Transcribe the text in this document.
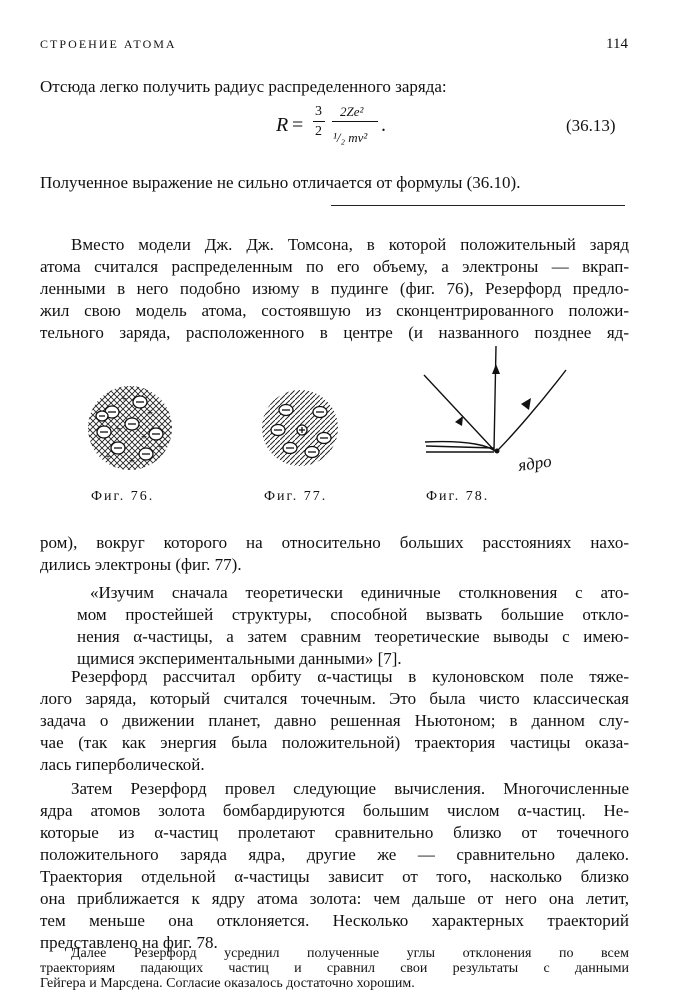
СТРОЕНИЕ АТОМА	114
Отсюда легко получить радиус распределенного заряда:
R =
3
2
2Ze²
¹/₂ mv²
.	(36.13)
Полученное выражение не сильно отличается от формулы (36.10).
Вместо модели Дж. Дж. Томсона, в которой положительный заряд
атома считался распределенным по его объему, а электроны — вкрап-
ленными в него подобно изюму в пудинге (фиг. 76), Резерфорд предло-
жил свою модель атома, состоявшую из сконцентрированного положи-
тельного заряда, расположенного в центре (и названного позднее яд-
+
+
+
+
+
+
+
ядро
Фиг. 76.	Фиг. 77.	Фиг. 78.
ром), вокруг которого на относительно больших расстояниях нахо-
дились электроны (фиг. 77).
«Изучим сначала теоретически единичные столкновения с ато-
мом простейшей структуры, способной вызвать большие откло-
нения α-частицы, а затем сравним теоретические выводы с имею-
щимися экспериментальными данными» [7].
Резерфорд рассчитал орбиту α-частицы в кулоновском поле тяже-
лого заряда, который считался точечным. Это была чисто классическая
задача о движении планет, давно решенная Ньютоном; в данном слу-
чае (так как энергия была положительной) траектория частицы оказа-
лась гиперболической.
Затем Резерфорд провел следующие вычисления. Многочисленные
ядра атомов золота бомбардируются большим числом α-частиц. Не-
которые из α-частиц пролетают сравнительно близко от точечного
положительного заряда ядра, другие же — сравнительно далеко.
Траектория отдельной α-частицы зависит от того, насколько близко
она приближается к ядру атома золота: чем дальше от него она летит,
тем меньше она отклоняется. Несколько характерных траекторий
представлено на фиг. 78.
Далее Резерфорд усреднил полученные углы отклонения по всем
траекториям падающих частиц и сравнил свои результаты с данными
Гейгера и Марсдена. Согласие оказалось достаточно хорошим.
